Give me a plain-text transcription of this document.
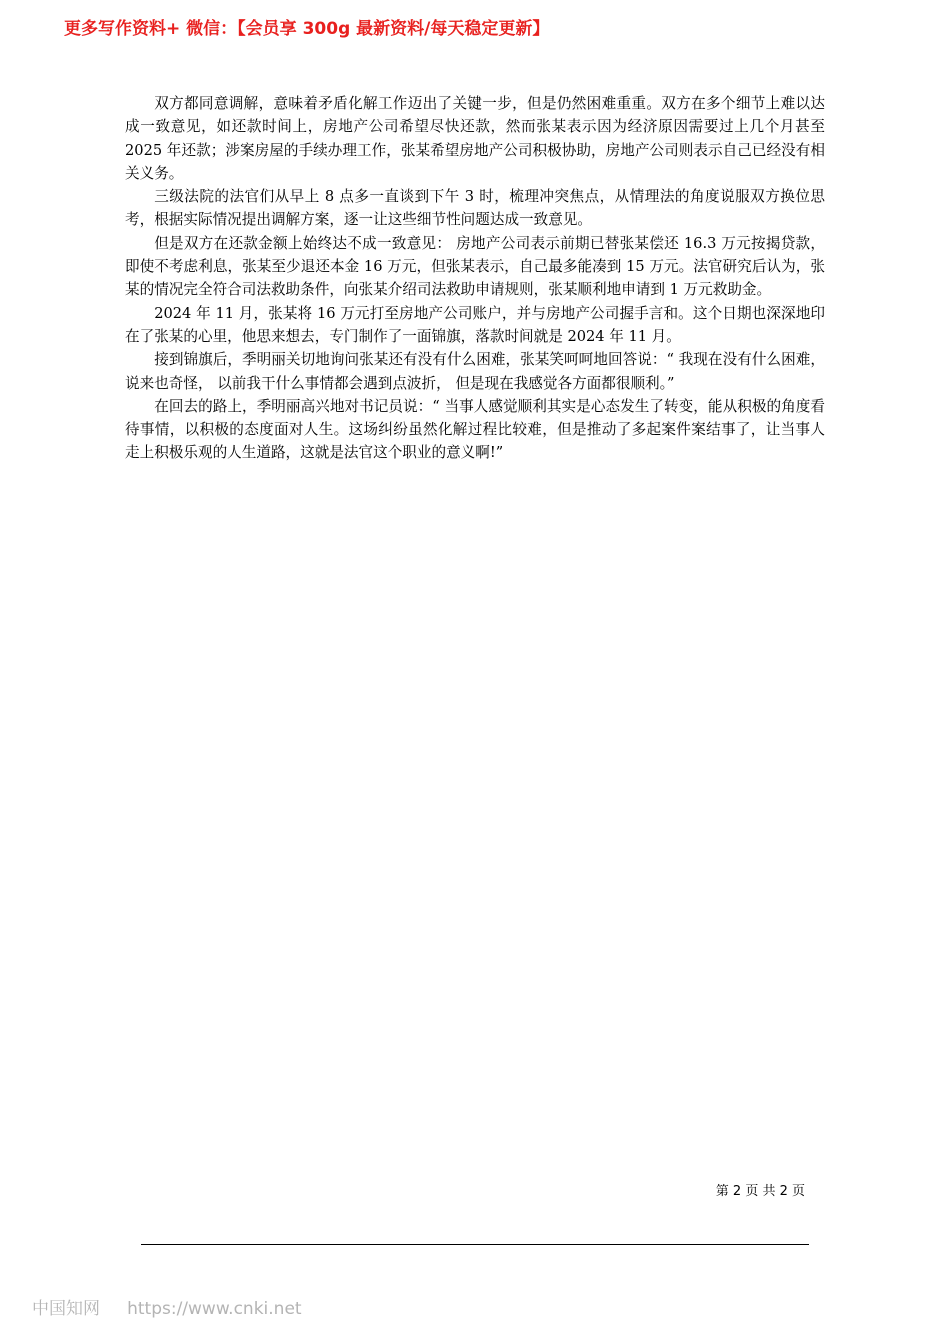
更多写作资料+ 微信：【会员享 300g 最新资料/每天稳定更新】

双方都同意调解，意味着矛盾化解工作迈出了关键一步，但是仍然困难重重。双方在多个细节上难以达成一致意见，如还款时间上，房地产公司希望尽快还款，然而张某表示因为经济原因需要过上几个月甚至 2025 年还款；涉案房屋的手续办理工作，张某希望房地产公司积极协助，房地产公司则表示自己已经没有相关义务。

三级法院的法官们从早上 8 点多一直谈到下午 3 时，梳理冲突焦点，从情理法的角度说服双方换位思考，根据实际情况提出调解方案，逐一让这些细节性问题达成一致意见。

但是双方在还款金额上始终达不成一致意见： 房地产公司表示前期已替张某偿还 16.3 万元按揭贷款，即使不考虑利息，张某至少退还本金 16 万元，但张某表示，自己最多能凑到 15 万元。法官研究后认为，张某的情况完全符合司法救助条件，向张某介绍司法救助申请规则，张某顺利地申请到 1 万元救助金。

2024 年 11 月，张某将 16 万元打至房地产公司账户，并与房地产公司握手言和。这个日期也深深地印在了张某的心里，他思来想去，专门制作了一面锦旗，落款时间就是 2024 年 11 月。

接到锦旗后，季明丽关切地询问张某还有没有什么困难，张某笑呵呵地回答说：“ 我现在没有什么困难， 说来也奇怪， 以前我干什么事情都会遇到点波折， 但是现在我感觉各方面都很顺利。”

在回去的路上，季明丽高兴地对书记员说：“ 当事人感觉顺利其实是心态发生了转变，能从积极的角度看待事情，以积极的态度面对人生。这场纠纷虽然化解过程比较难，但是推动了多起案件案结事了，让当事人走上积极乐观的人生道路，这就是法官这个职业的意义啊!”

第 2 页 共 2 页
中国知网 https://www.cnki.net
